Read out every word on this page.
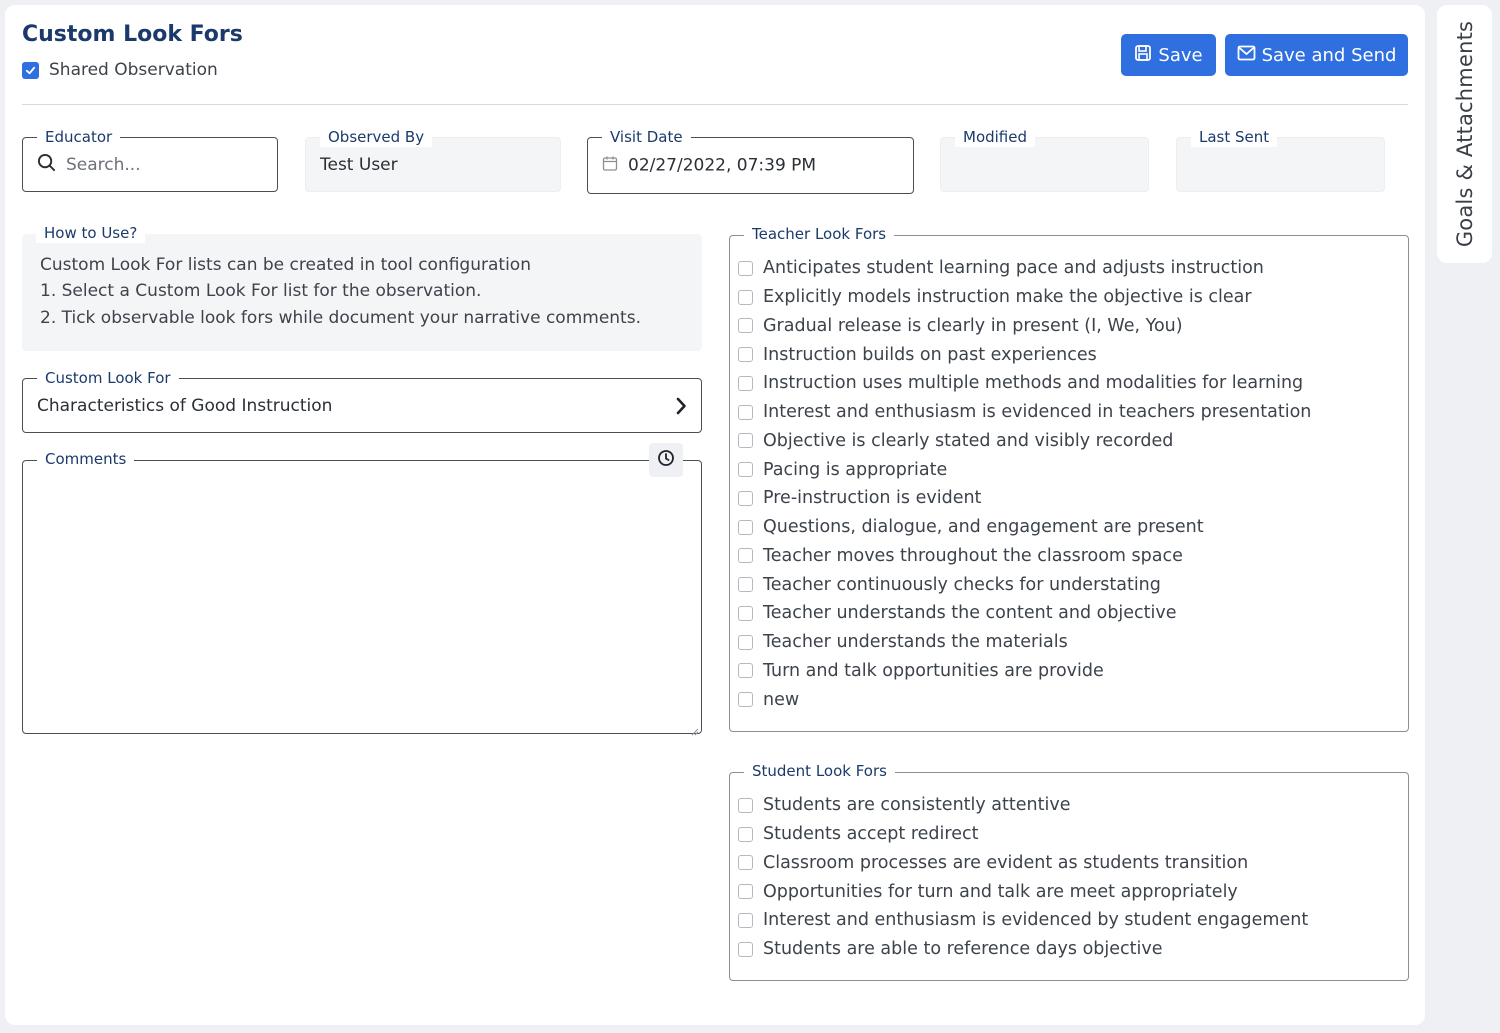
Goals & Attachments
Custom Look Fors
Shared Observation
Save	Save and Send
Educator
Search...
Observed By
Test User
Visit Date
02/27/2022, 07:39 PM
Modified	Last Sent
How to Use?
Custom Look For lists can be created in tool configuration
1. Select a Custom Look For list for the observation.
2. Tick observable look fors while document your narrative comments.
Custom Look For
Characteristics of Good Instruction
Comments
Teacher Look Fors
Anticipates student learning pace and adjusts instruction
Explicitly models instruction make the objective is clear
Gradual release is clearly in present (I, We, You)
Instruction builds on past experiences
Instruction uses multiple methods and modalities for learning
Interest and enthusiasm is evidenced in teachers presentation
Objective is clearly stated and visibly recorded
Pacing is appropriate
Pre-instruction is evident
Questions, dialogue, and engagement are present
Teacher moves throughout the classroom space
Teacher continuously checks for understating
Teacher understands the content and objective
Teacher understands the materials
Turn and talk opportunities are provide
new
Student Look Fors
Students are consistently attentive
Students accept redirect
Classroom processes are evident as students transition
Opportunities for turn and talk are meet appropriately
Interest and enthusiasm is evidenced by student engagement
Students are able to reference days objective
